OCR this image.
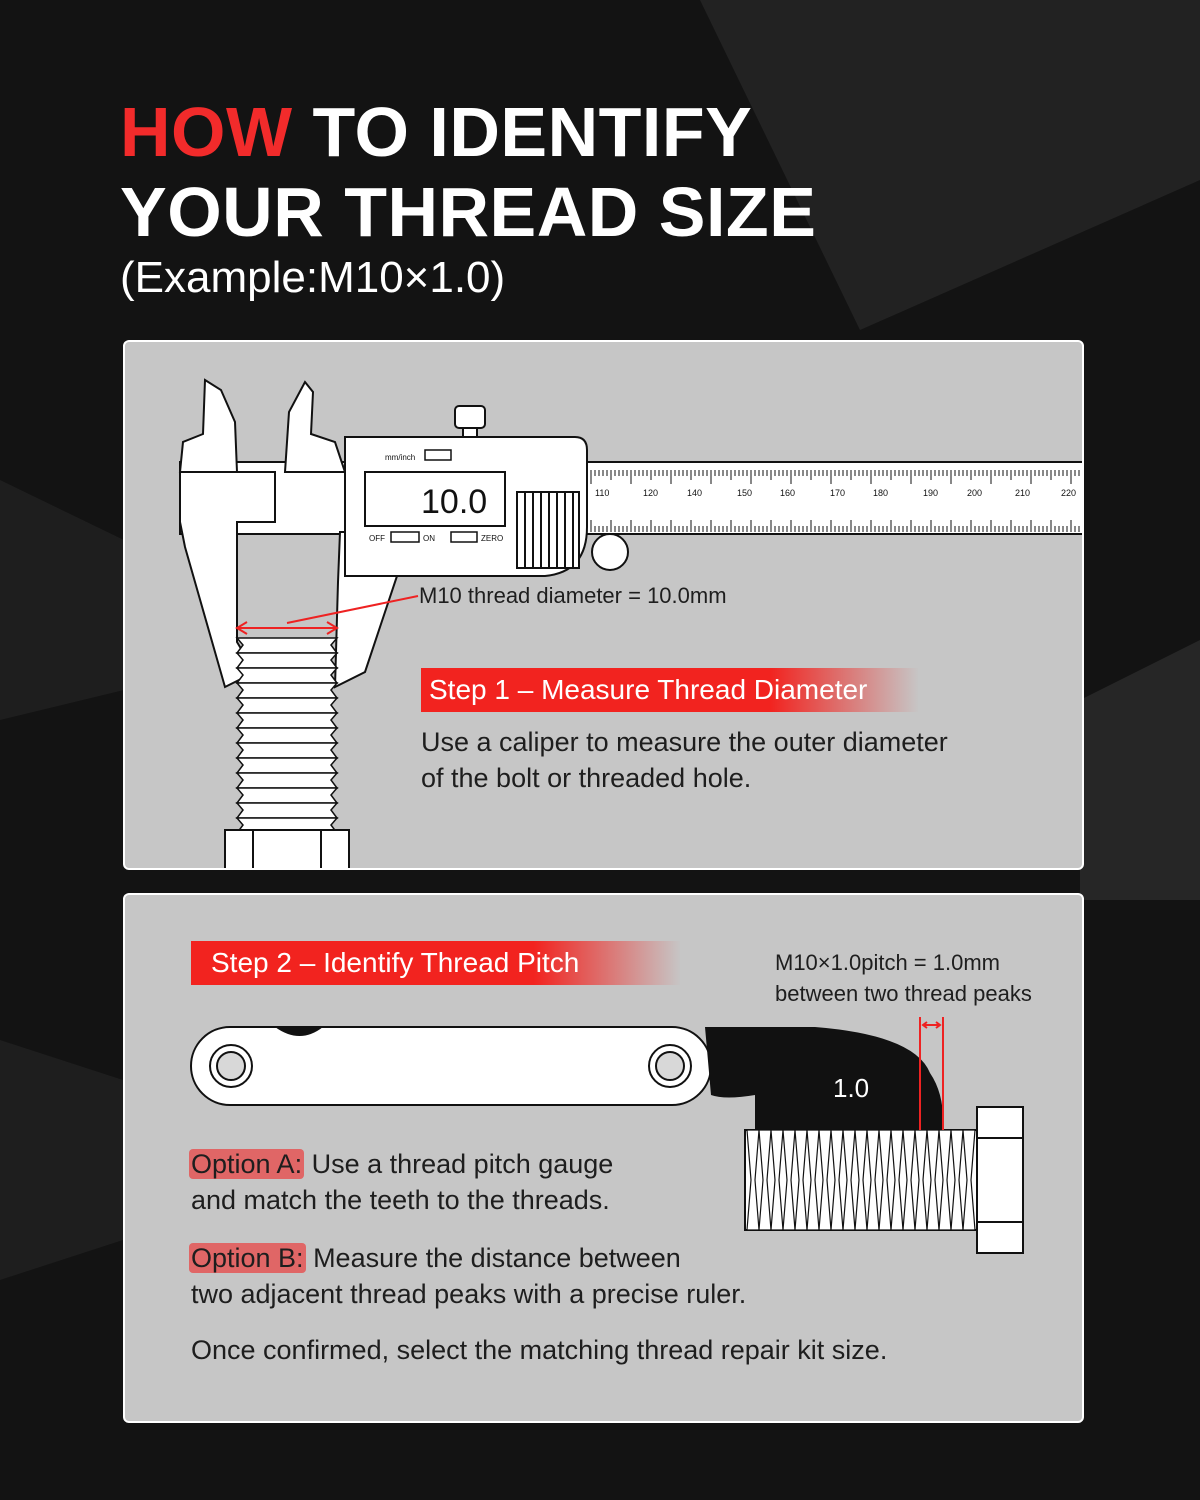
HOW TO IDENTIFY
YOUR THREAD SIZE
(Example:M10×1.0)
mm/inch
OFF	ON	ZERO
10.0	110	120	140	150	160	170	180	190	200	210	220
M10 thread diameter = 10.0mm
Step 1 – Measure Thread Diameter
Use a caliper to measure the outer diameter
of the bolt or threaded hole.
1.0
Step 2 – Identify Thread Pitch	M10×1.0pitch = 1.0mm
between two thread peaks
Option A: Use a thread pitch gauge
and match the teeth to the threads.
Option B: Measure the distance between
two adjacent thread peaks with a precise ruler.
Once confirmed, select the matching thread repair kit size.
